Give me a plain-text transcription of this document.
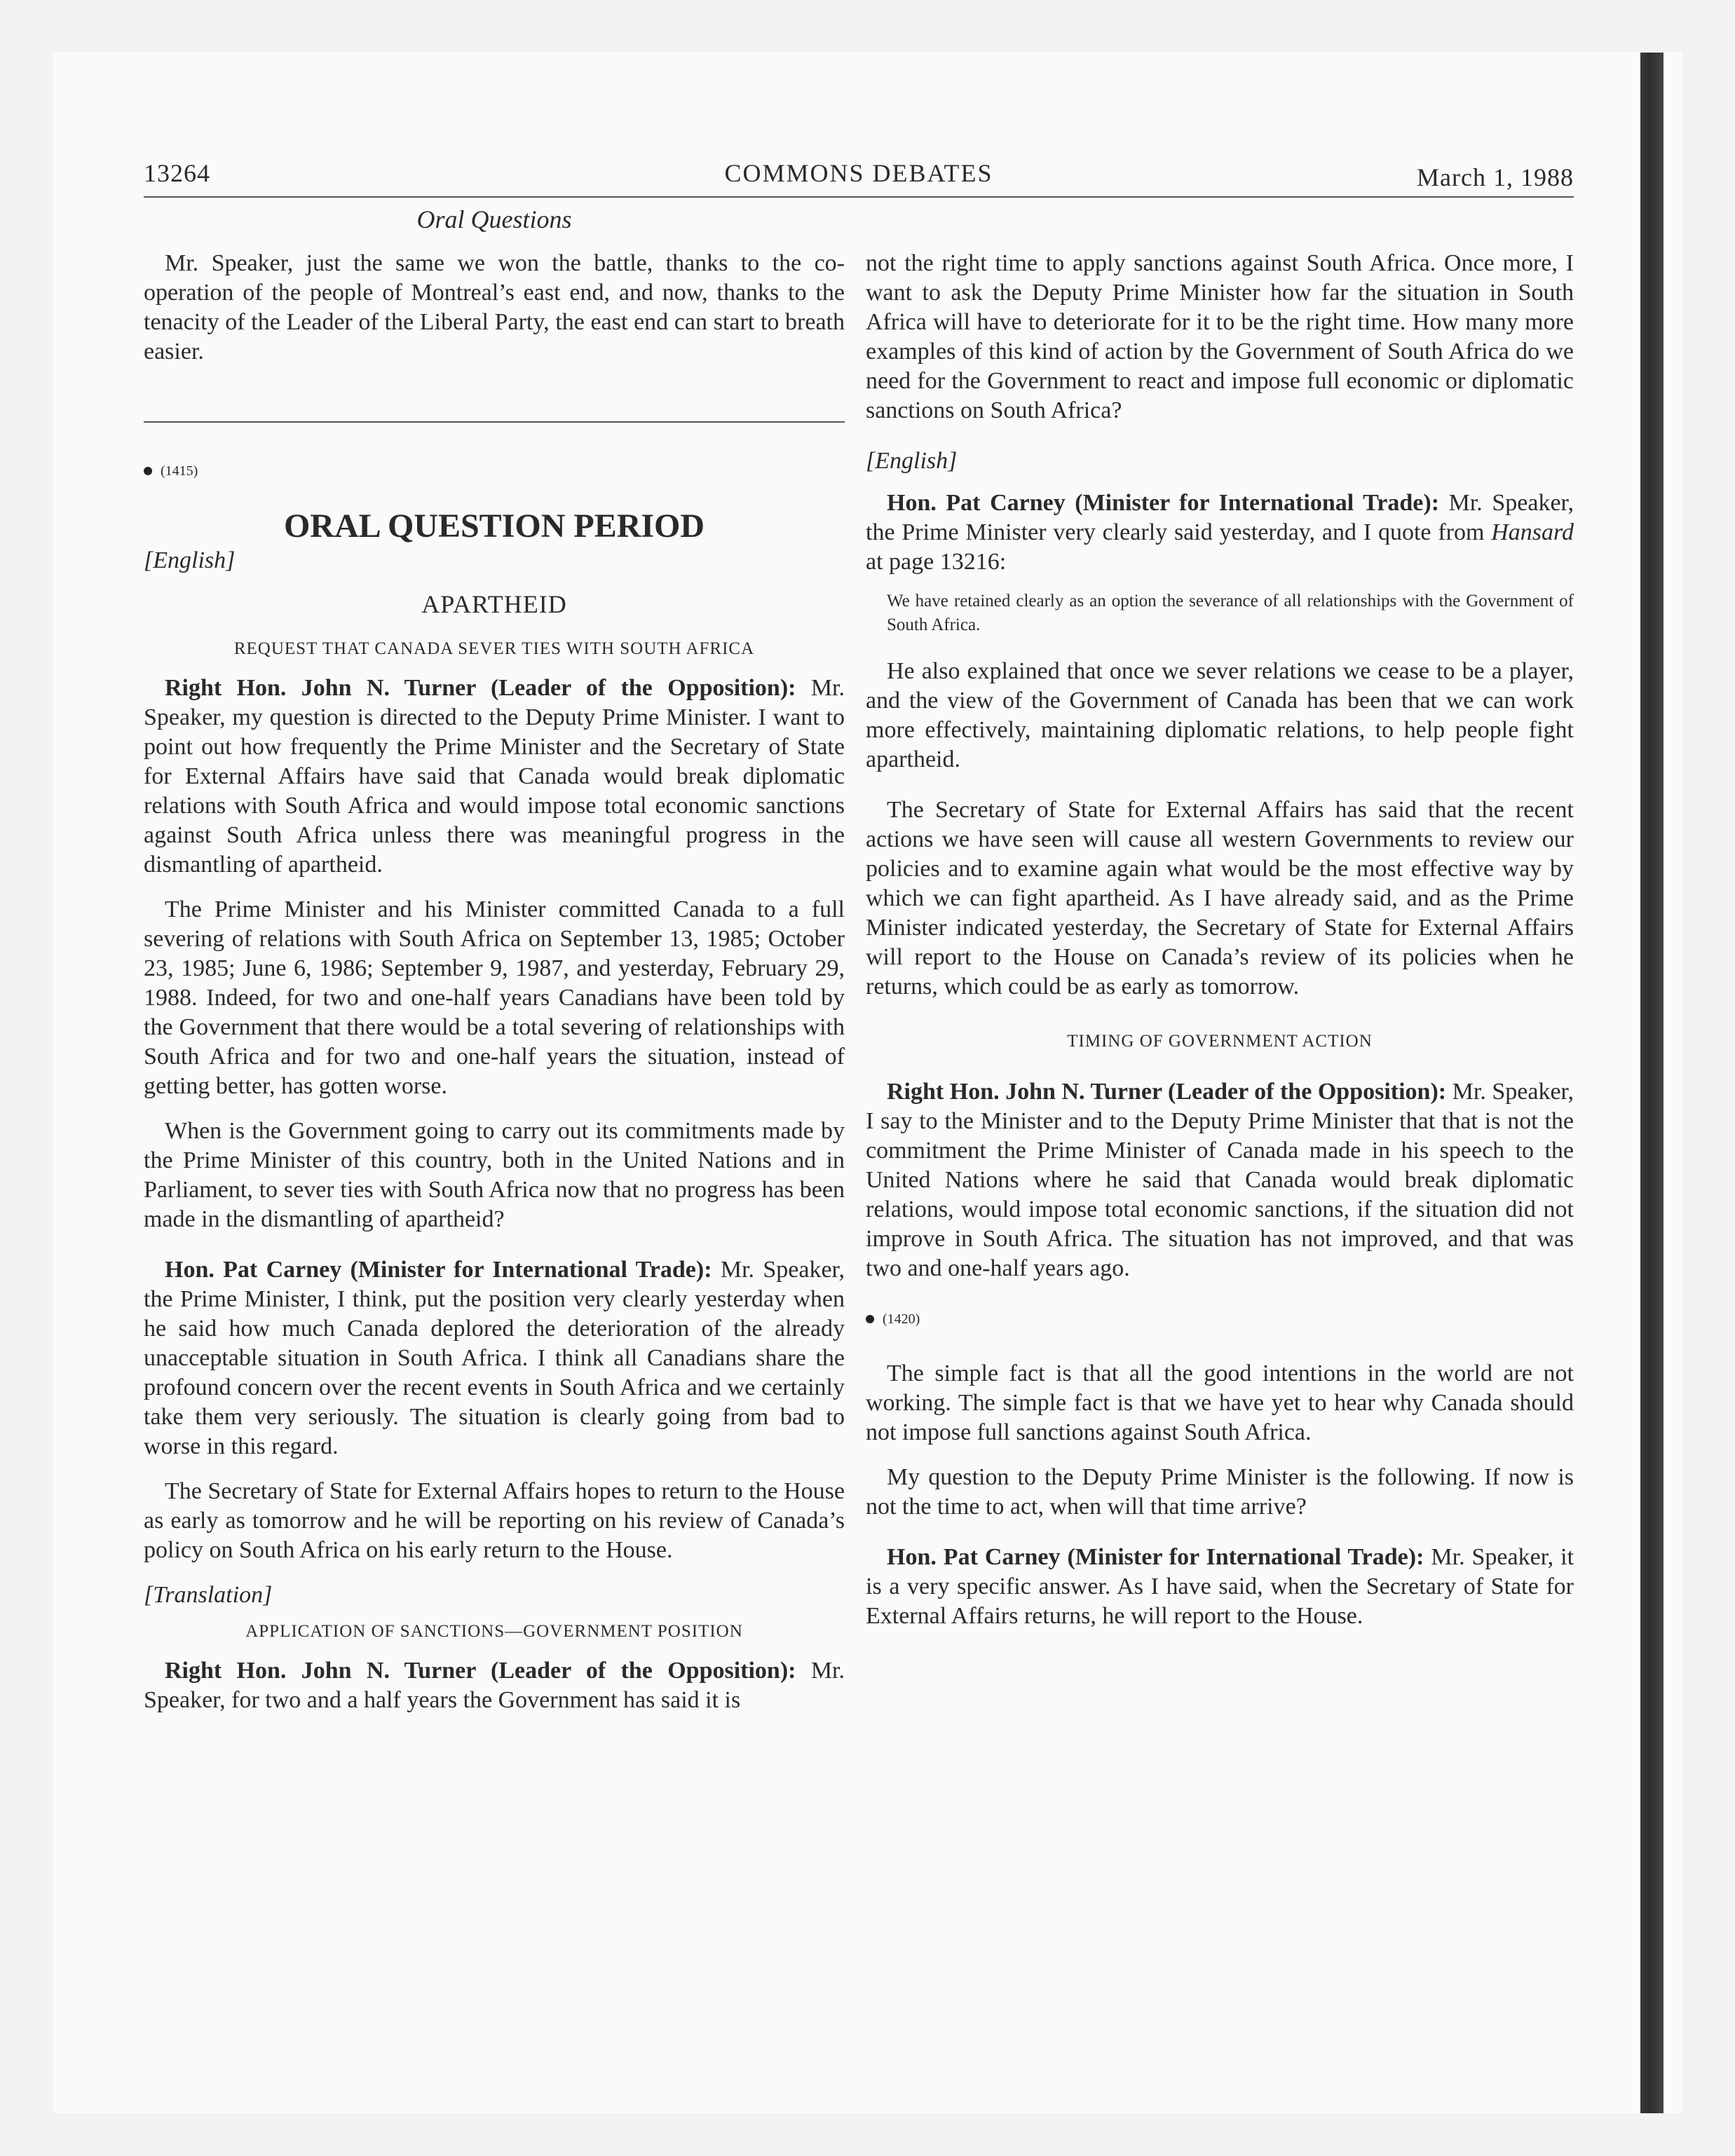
13264	COMMONS DEBATES	March 1, 1988
Oral Questions

Mr. Speaker, just the same we won the battle, thanks to the co-operation of the people of Montreal’s east end, and now, thanks to the tenacity of the Leader of the Liberal Party, the east end can start to breath easier.

(1415)
ORAL QUESTION PERIOD
[English]
APARTHEID
REQUEST THAT CANADA SEVER TIES WITH SOUTH AFRICA

Right Hon. John N. Turner (Leader of the Opposition): Mr. Speaker, my question is directed to the Deputy Prime Minister. I want to point out how frequently the Prime Minister and the Secretary of State for External Affairs have said that Canada would break diplomatic relations with South Africa and would impose total economic sanctions against South Africa unless there was meaningful progress in the dismantling of apartheid.

The Prime Minister and his Minister committed Canada to a full severing of relations with South Africa on September 13, 1985; October 23, 1985; June 6, 1986; September 9, 1987, and yesterday, February 29, 1988. Indeed, for two and one-half years Canadians have been told by the Government that there would be a total severing of relationships with South Africa and for two and one-half years the situation, instead of getting better, has gotten worse.

When is the Government going to carry out its commitments made by the Prime Minister of this country, both in the United Nations and in Parliament, to sever ties with South Africa now that no progress has been made in the dismantling of apartheid?

Hon. Pat Carney (Minister for International Trade): Mr. Speaker, the Prime Minister, I think, put the position very clearly yesterday when he said how much Canada deplored the deterioration of the already unacceptable situation in South Africa. I think all Canadians share the profound concern over the recent events in South Africa and we certainly take them very seriously. The situation is clearly going from bad to worse in this regard.

The Secretary of State for External Affairs hopes to return to the House as early as tomorrow and he will be reporting on his review of Canada’s policy on South Africa on his early return to the House.

[Translation]
APPLICATION OF SANCTIONS—GOVERNMENT POSITION

Right Hon. John N. Turner (Leader of the Opposition): Mr. Speaker, for two and a half years the Government has said it is

not the right time to apply sanctions against South Africa. Once more, I want to ask the Deputy Prime Minister how far the situation in South Africa will have to deteriorate for it to be the right time. How many more examples of this kind of action by the Government of South Africa do we need for the Government to react and impose full economic or diplomatic sanctions on South Africa?

[English]

Hon. Pat Carney (Minister for International Trade): Mr. Speaker, the Prime Minister very clearly said yesterday, and I quote from Hansard at page 13216:

We have retained clearly as an option the severance of all relationships with the Government of South Africa.

He also explained that once we sever relations we cease to be a player, and the view of the Government of Canada has been that we can work more effectively, maintaining diplomatic relations, to help people fight apartheid.

The Secretary of State for External Affairs has said that the recent actions we have seen will cause all western Governments to review our policies and to examine again what would be the most effective way by which we can fight apartheid. As I have already said, and as the Prime Minister indicated yesterday, the Secretary of State for External Affairs will report to the House on Canada’s review of its policies when he returns, which could be as early as tomorrow.

TIMING OF GOVERNMENT ACTION

Right Hon. John N. Turner (Leader of the Opposition): Mr. Speaker, I say to the Minister and to the Deputy Prime Minister that that is not the commitment the Prime Minister of Canada made in his speech to the United Nations where he said that Canada would break diplomatic relations, would impose total economic sanctions, if the situation did not improve in South Africa. The situation has not improved, and that was two and one-half years ago.

(1420)

The simple fact is that all the good intentions in the world are not working. The simple fact is that we have yet to hear why Canada should not impose full sanctions against South Africa.

My question to the Deputy Prime Minister is the following. If now is not the time to act, when will that time arrive?

Hon. Pat Carney (Minister for International Trade): Mr. Speaker, it is a very specific answer. As I have said, when the Secretary of State for External Affairs returns, he will report to the House.
